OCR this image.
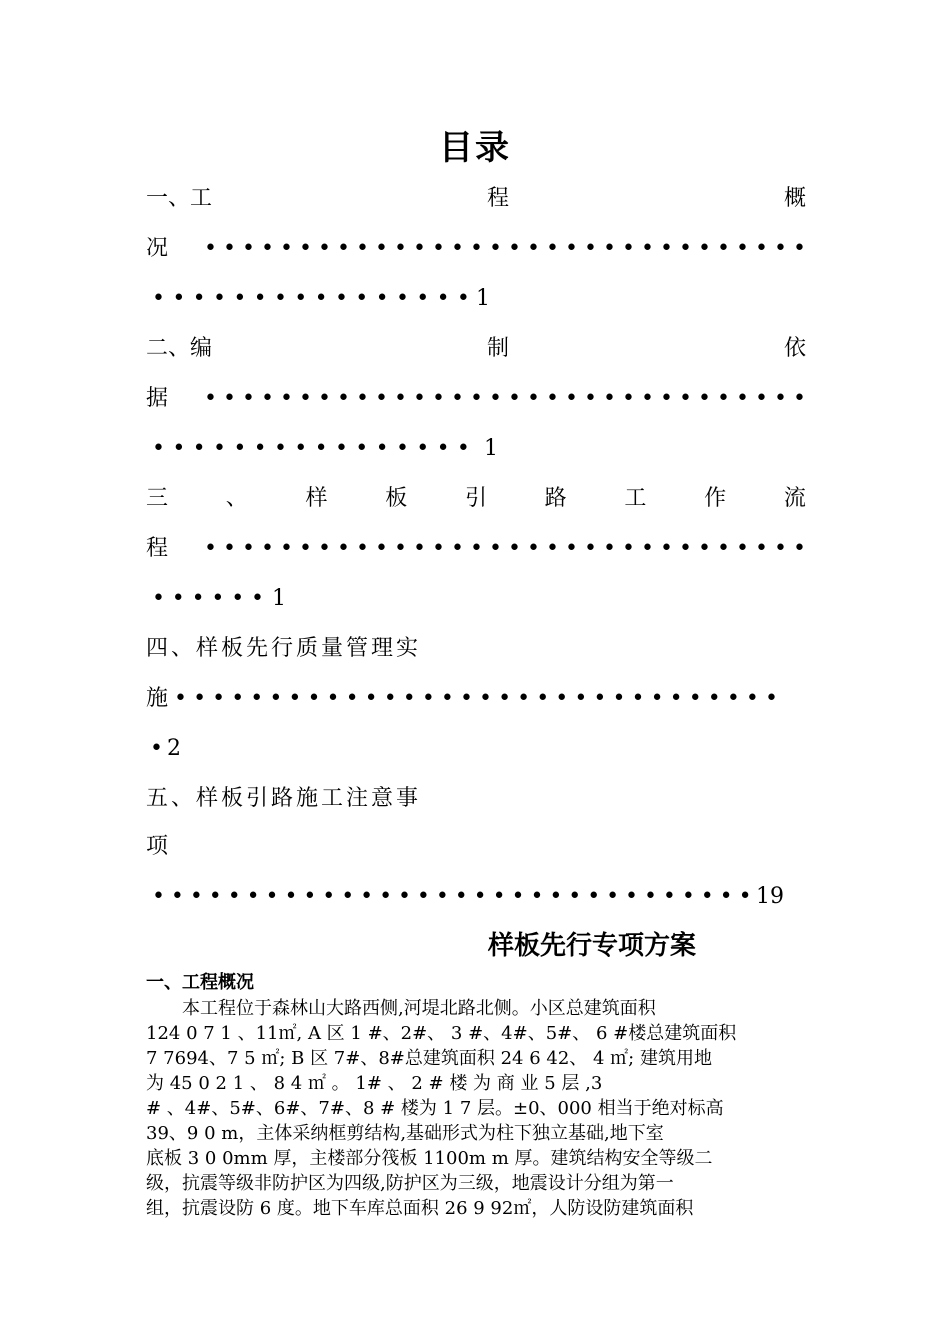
目录
一、工	程	概
况 • • • • • • • • • • • • • • • • • • • • • • • • • • • • • • • •
• • • • • • • • • • • • • • • • 1
二、编	制	依
据 • • • • • • • • • • • • • • • • • • • • • • • • • • • • • • • •
• • • • • • • • • • • • • • • • 1
三	、	样	板	引	路	工	作	流
程 • • • • • • • • • • • • • • • • • • • • • • • • • • • • • • • •
• • • • • • 1
四、样板先行质量管理实
施 • • • • • • • • • • • • • • • • • • • • • • • • • • • • • • • •
• 2
五、样板引路施工注意事
项
• • • • • • • • • • • • • • • • • • • • • • • • • • • • • • • • 19
样板先行专项方案
一、工程概况
　　本工程位于森林山大路西侧,河堤北路北侧。小区总建筑面积
124 0 7 1 、11㎡, A 区 1 #、2#、 3 #、4#、5#、 6 #楼总建筑面积
7 7694、7 5 ㎡; B 区 7#、8#总建筑面积 24 6 42、 4 ㎡; 建筑用地
为 45 0 2 1 、 8 4 ㎡ 。 1# 、 2 # 楼 为 商 业 5 层 ,3
# 、4#、5#、6#、7#、8 # 楼为 1 7 层。±0、000 相当于绝对标高
39、9 0 m，主体采纳框剪结构,基础形式为柱下独立基础,地下室
底板 3 0 0mm 厚，主楼部分筏板 1100m m 厚。建筑结构安全等级二
级，抗震等级非防护区为四级,防护区为三级，地震设计分组为第一
组，抗震设防 6 度。地下车库总面积 26 9 92㎡，人防设防建筑面积
